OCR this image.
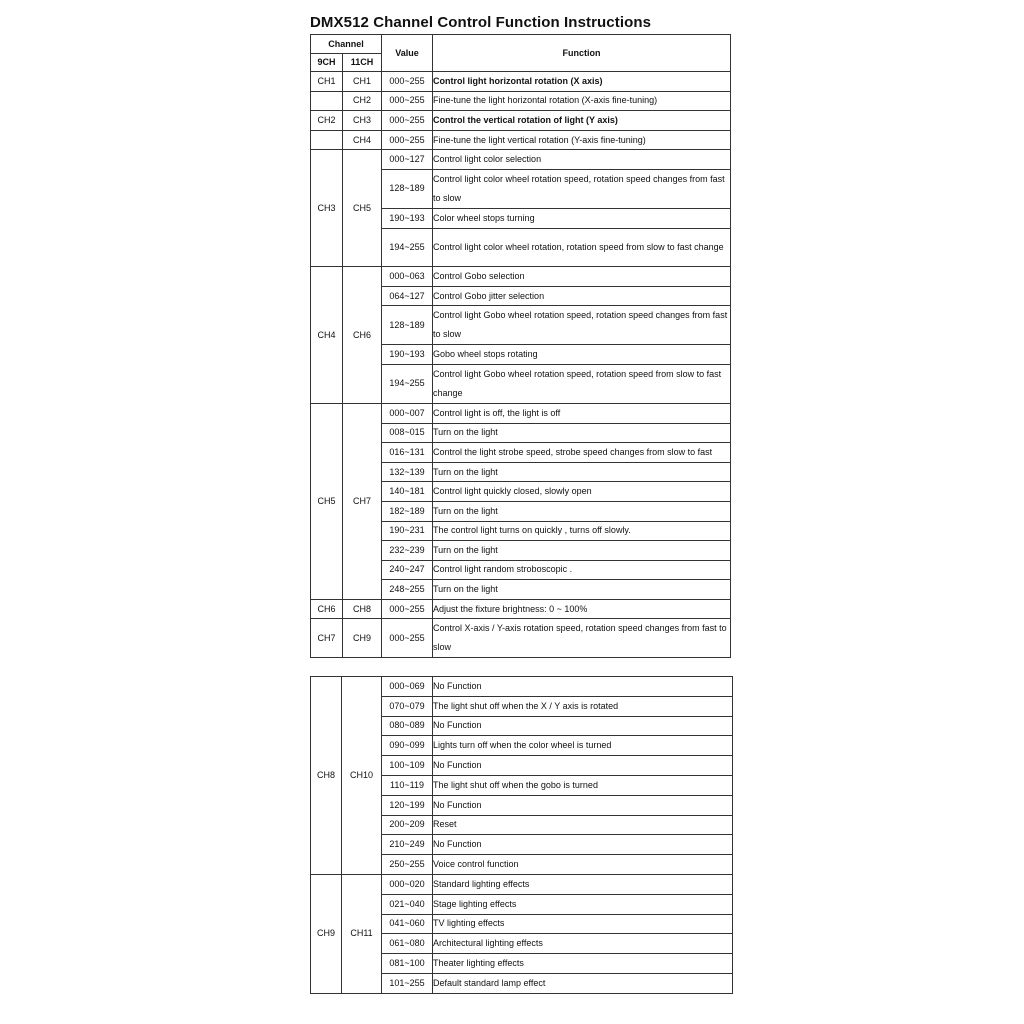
DMX512 Channel Control Function Instructions
Channel		Value	Function
9CH	11CH		
CH1	CH1	000~255	Control light horizontal rotation (X axis)
	CH2	000~255	Fine-tune the light horizontal rotation (X-axis fine-tuning)
CH2	CH3	000~255	Control the vertical rotation of light (Y axis)
	CH4	000~255	Fine-tune the light vertical rotation (Y-axis fine-tuning)
CH3	CH5	000~127	Control light color selection
		128~189	Control light color wheel rotation speed, rotation speed changes from fast to slow
		190~193	Color wheel stops turning
		194~255	Control light color wheel rotation, rotation speed from slow to fast change
CH4	CH6	000~063	Control Gobo selection
		064~127	Control Gobo jitter selection
		128~189	Control light Gobo wheel rotation speed, rotation speed changes from fast to slow
		190~193	Gobo wheel stops rotating
		194~255	Control light Gobo wheel rotation speed, rotation speed from slow to fast change
CH5	CH7	000~007	Control light is off, the light is off
		008~015	Turn on the light
		016~131	Control the light strobe speed, strobe speed changes from slow to fast
		132~139	Turn on the light
		140~181	Control light quickly closed, slowly open
		182~189	Turn on the light
		190~231	The control light turns on quickly , turns off slowly.
		232~239	Turn on the light
		240~247	Control light random stroboscopic .
		248~255	Turn on the light
CH6	CH8	000~255	Adjust the fixture brightness: 0 ~ 100%
CH7	CH9	000~255	Control X-axis / Y-axis rotation speed, rotation speed changes from fast to slow
CH8	CH10	000~069	No Function
		070~079	The light shut off when the X / Y axis is rotated
		080~089	No Function
		090~099	Lights turn off when the color wheel is turned
		100~109	No Function
		110~119	The light shut off when the gobo is turned
		120~199	No Function
		200~209	Reset
		210~249	No Function
		250~255	Voice control function
CH9	CH11	000~020	Standard lighting effects
		021~040	Stage lighting effects
		041~060	TV lighting effects
		061~080	Architectural lighting effects
		081~100	Theater lighting effects
		101~255	Default standard lamp effect
